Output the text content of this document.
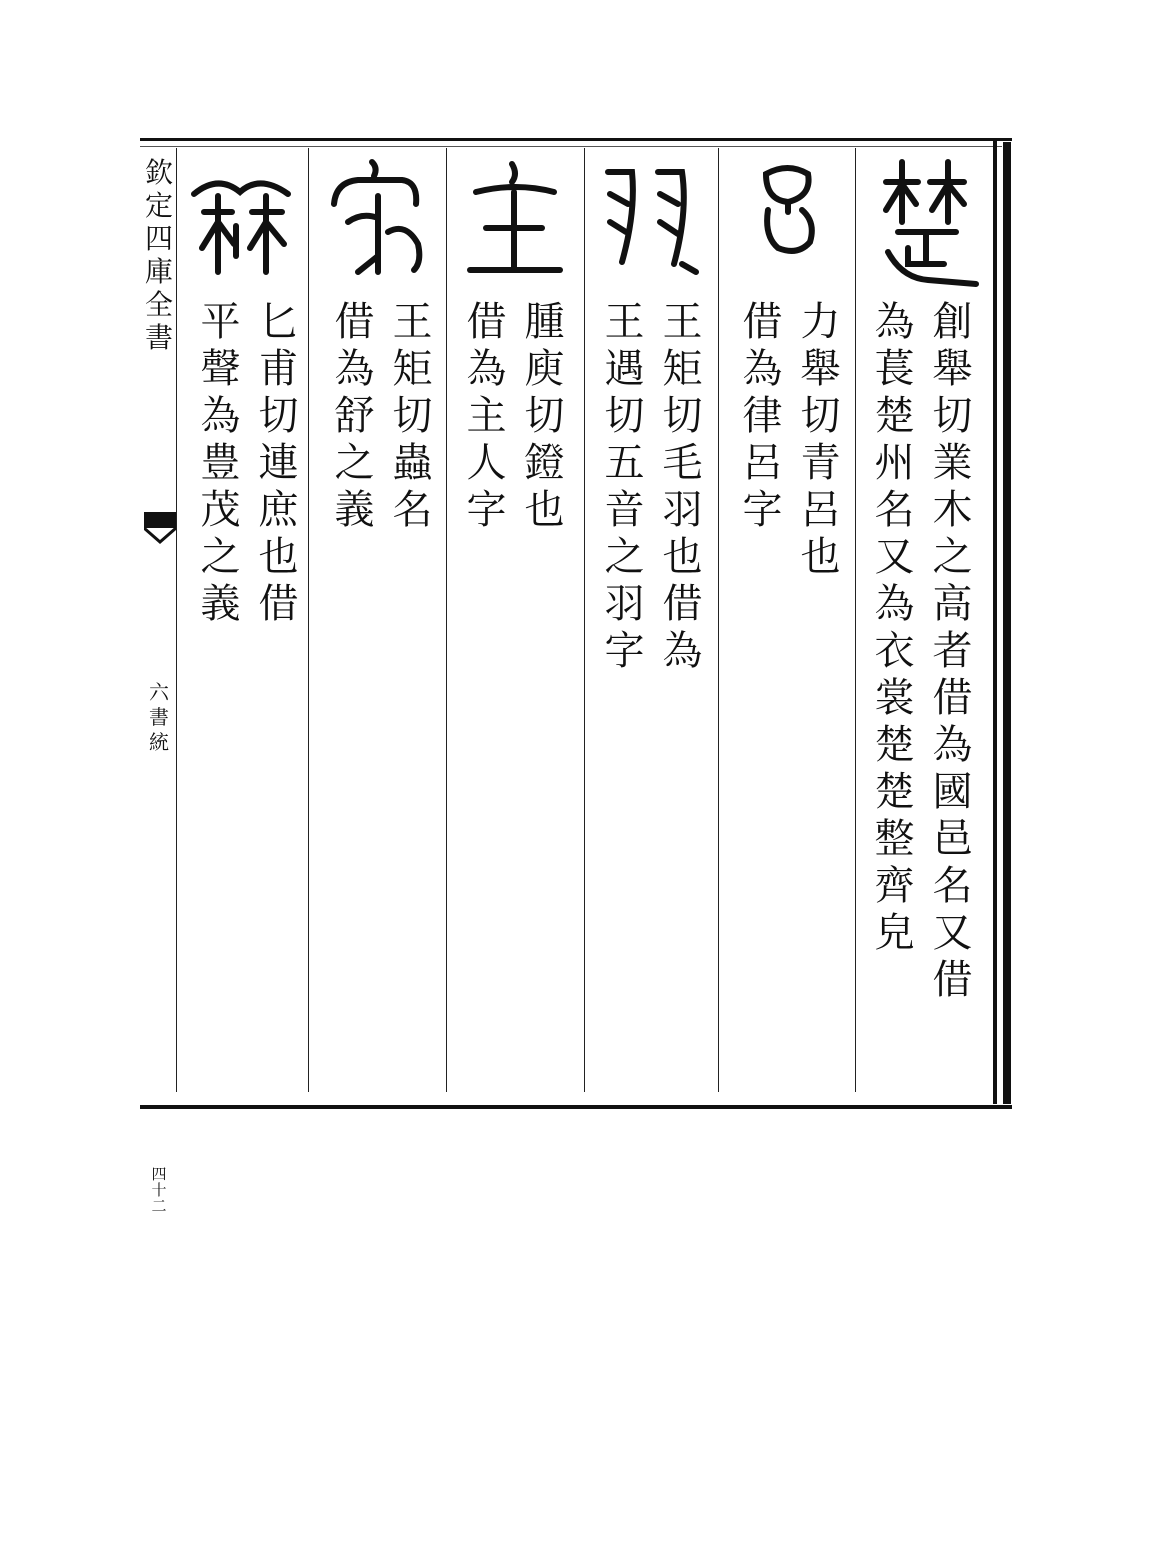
欽定四庫全書
六書統
四十二
創舉切業木之高者借為國邑名又借
為萇楚州名又為衣裳楚楚整齊皃
力舉切青呂也
借為律呂字
王矩切毛羽也借為
王遇切五音之羽字
腫庾切鐙也
借為主人字
王矩切蟲名
借為舒之義
匕甫切連庶也借
平聲為豊茂之義
